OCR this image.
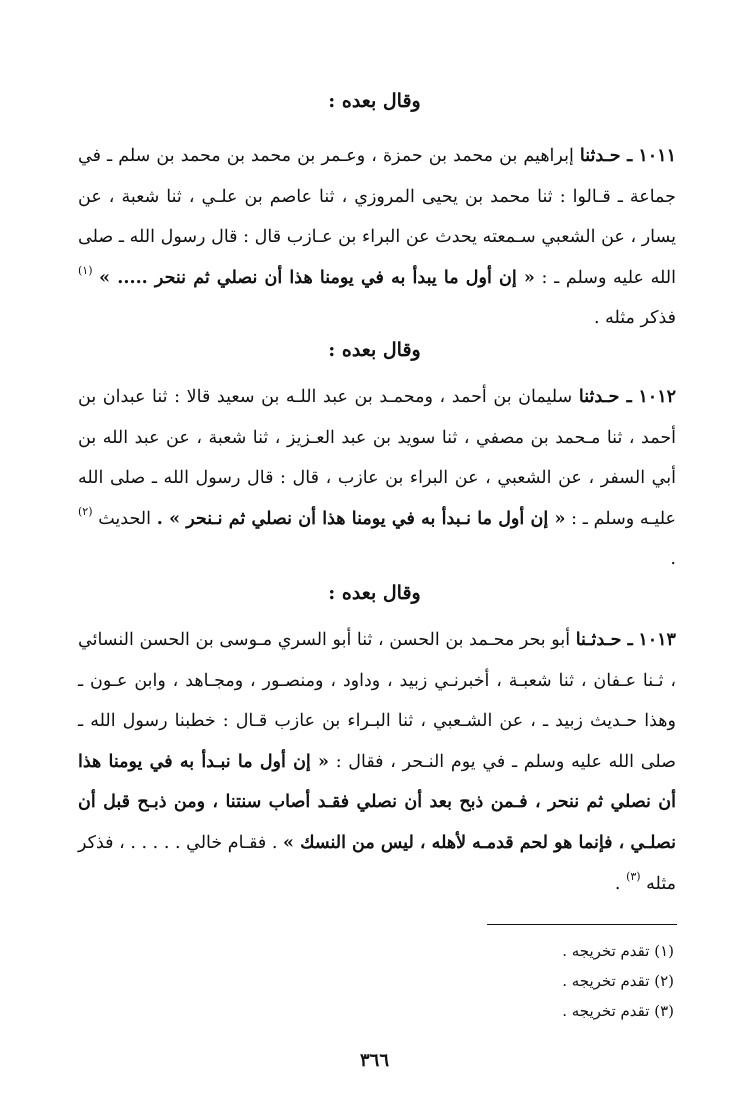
وقال بعده :
١٠١١ ـ حـدثنا إبراهيم بن محمد بن حمزة ، وعـمر بن محمد بن محمد بن سلم ـ في جماعة ـ قـالوا : ثنا محمد بن يحيى المروزي ، ثنا عاصم بن علـي ، ثنا شعبة ، عن يسار ، عن الشعبي سـمعته يحدث عن البراء بن عـازب قال : قال رسول الله ـ صلى الله عليه وسلم ـ : « إن أول ما يبدأ به في يومنا هذا أن نصلي ثم ننحر ..... » $^{(١)}$ فذكر مثله .
وقال بعده :
١٠١٢ ـ حـدثنا سليمان بن أحمد ، ومحمـد بن عبد اللـه بن سعيد قالا : ثنا عبدان بن أحمد ، ثنا مـحمد بن مصفي ، ثنا سويد بن عبد العـزيز ، ثنا شعبة ، عن عبد الله بن أبي السفر ، عن الشعبي ، عن البراء بن عازب ، قال : قال رسول الله ـ صلى الله عليـه وسلم ـ : « إن أول ما نـبدأ به في يومنا هذا أن نصلي ثم نـنحر » . الحديث $^{(٢)}$ .
وقال بعده :
١٠١٣ ـ حـدثـنا أبو بحر محـمد بن الحسن ، ثنا أبو السري مـوسى بن الحسن النسائي ، ثـنا عـفان ، ثنا شعبـة ، أخبرنـي زبيد ، وداود ، ومنصـور ، ومجـاهد ، وابن عـون ـ وهذا حـديث زبيد ـ ، عن الشـعبي ، ثنا البـراء بن عازب قـال : خطبنا رسول الله ـ صلى الله عليه وسلم ـ في يوم النـحر ، فقال : « إن أول ما نبـدأ به في يومنا هذا أن نصلي ثم ننحر ، فـمن ذبح بعد أن نصلي فقـد أصاب سنتنا ، ومن ذبـح قبل أن نصلـي ، فإنما هو لحم قدمـه لأهله ، ليس من النسك » . فقـام خالي . . . . . ، فذكر مثله $^{(٣)}$ .
(١) تقدم تخريجه .
(٢) تقدم تخريجه .
(٣) تقدم تخريجه .
٣٦٦
